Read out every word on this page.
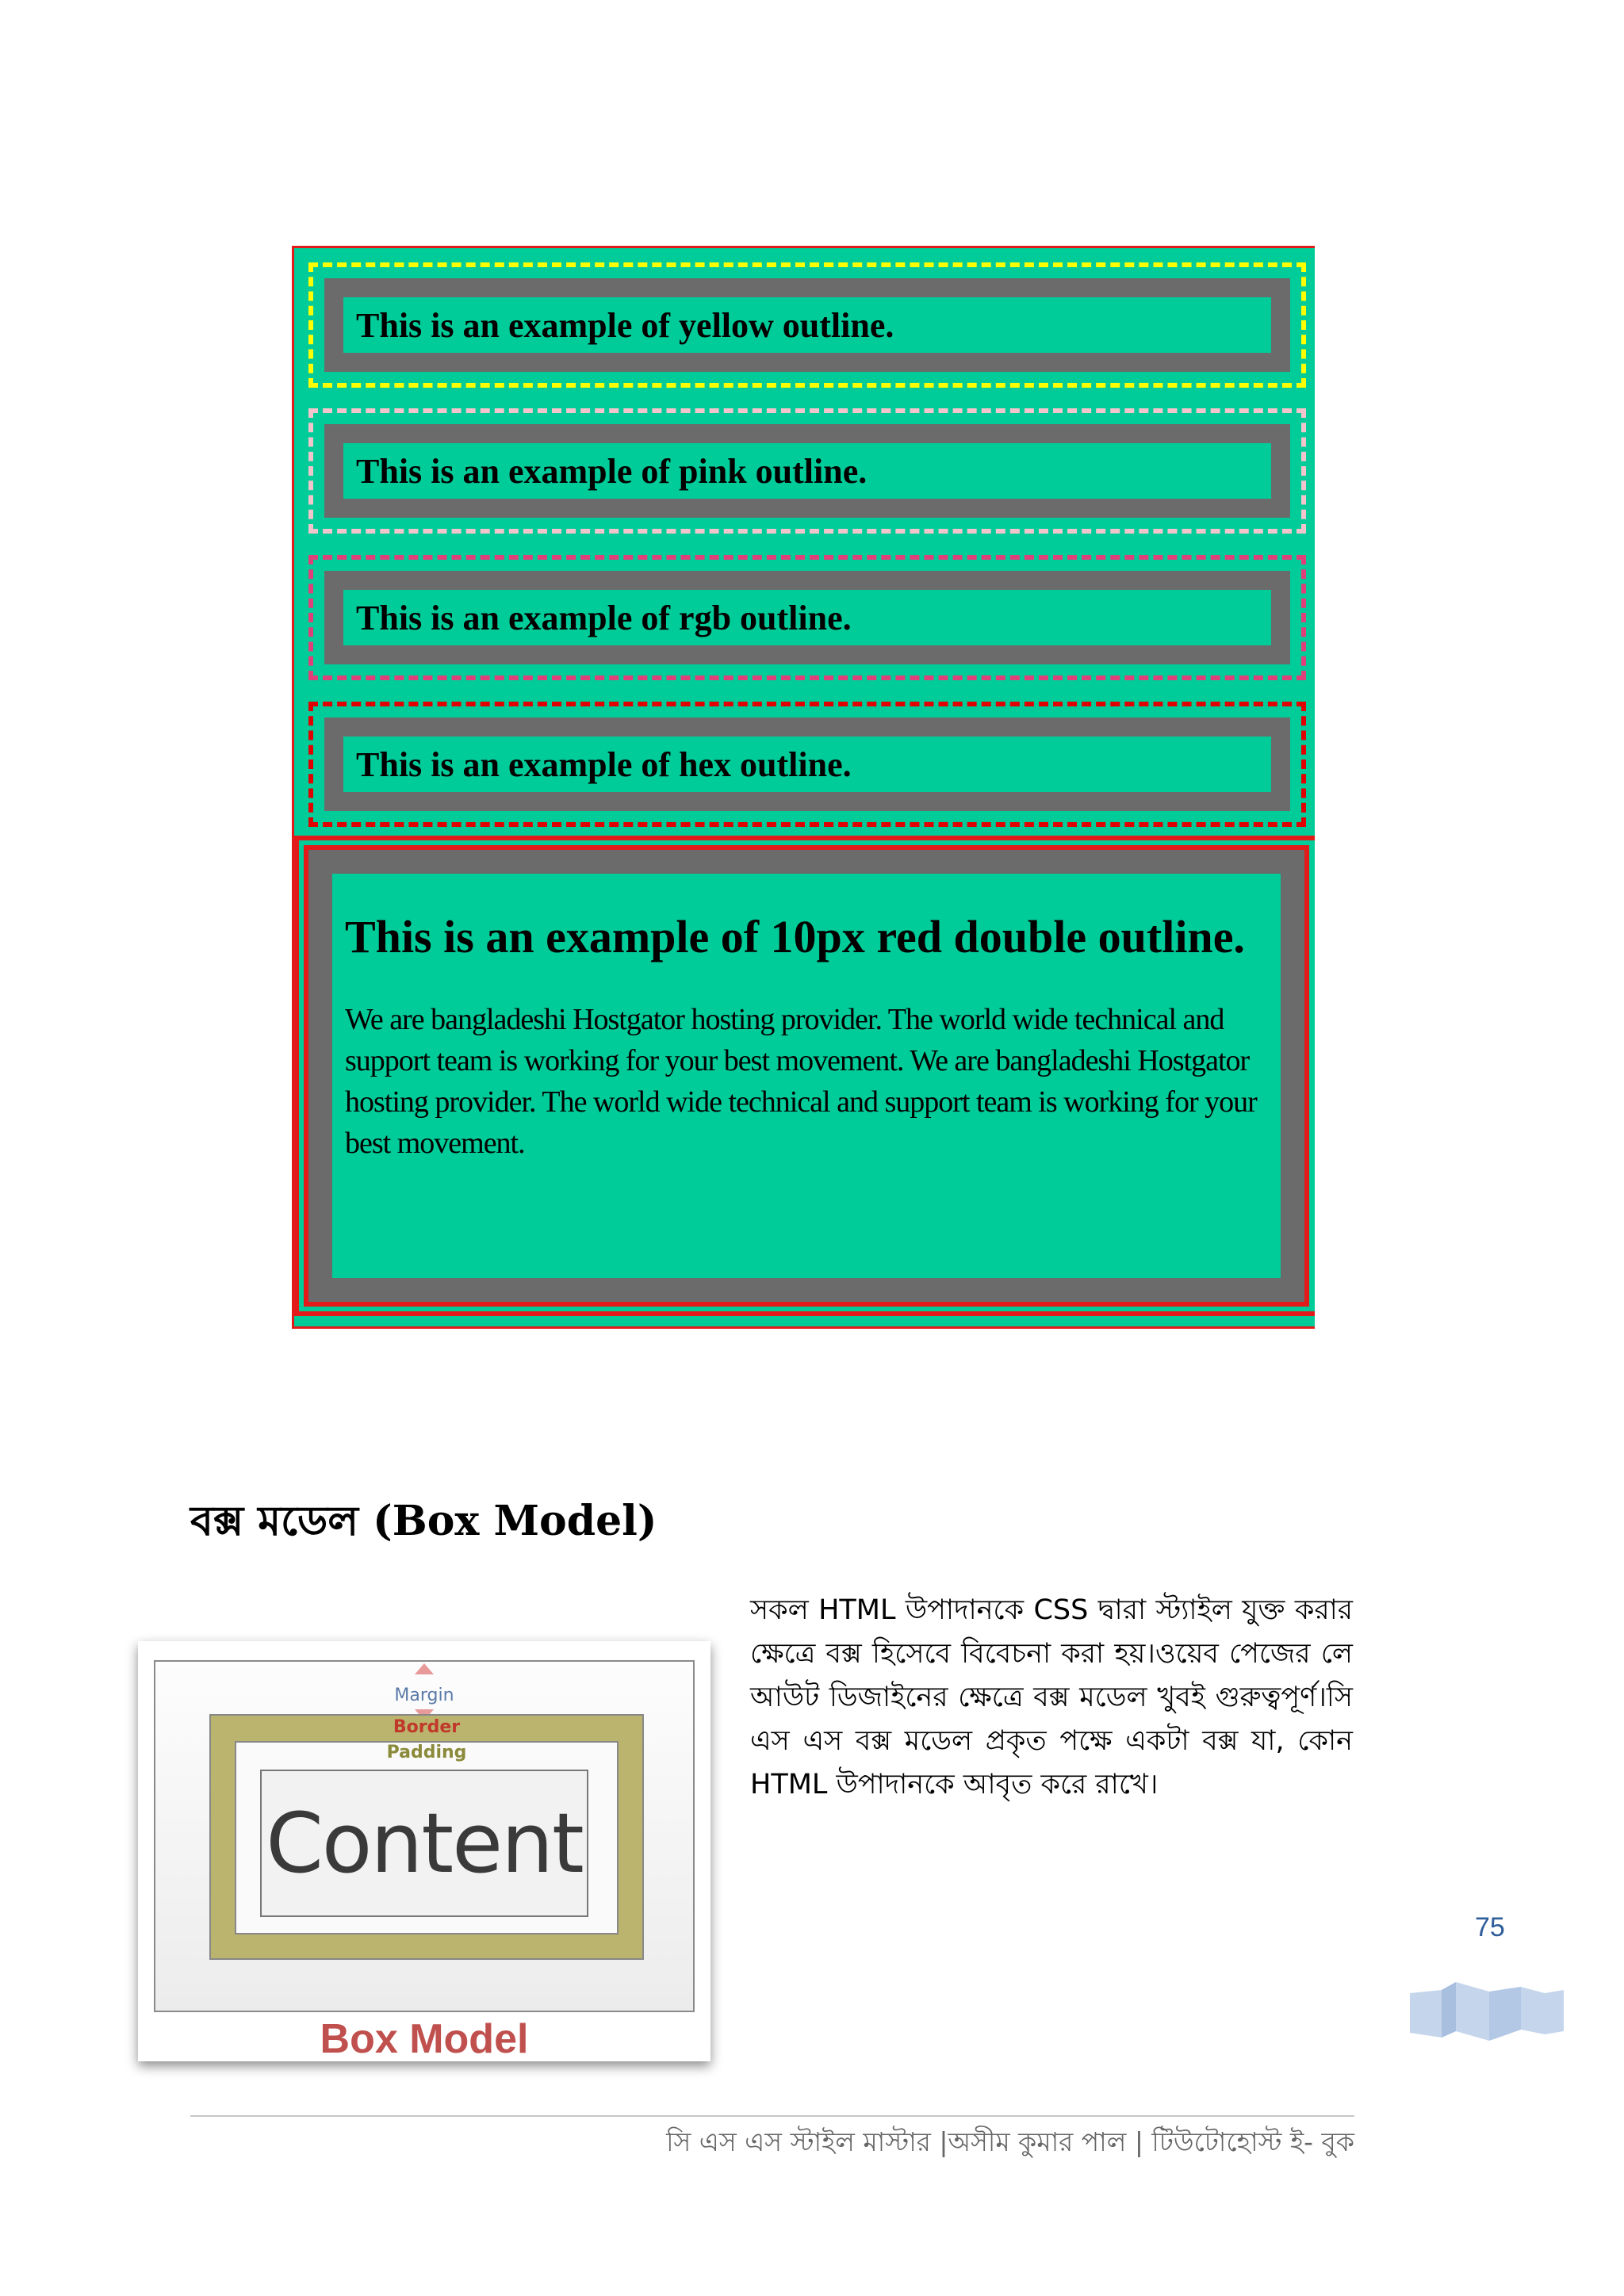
This is an example of yellow outline.
This is an example of pink outline.
This is an example of rgb outline.
This is an example of hex outline.
This is an example of 10px red double outline.

We are bangladeshi Hostgator hosting provider. The world wide technical and support team is working for your best movement. We are bangladeshi Hostgator hosting provider. The world wide technical and support team is working for your best movement.

বক্স মডেল (Box Model)
Margin
Border
Padding
Content
Box Model

সকল HTML উপাদানকে CSS দ্বারা স্ট্যাইল যুক্ত করার ক্ষেত্রে বক্স হিসেবে বিবেচনা করা হয়।ওয়েব পেজের লে আউট ডিজাইনের ক্ষেত্রে বক্স মডেল খুবই গুরুত্বপূর্ণ।সি এস এস বক্স মডেল প্রকৃত পক্ষে একটা বক্স যা, কোন HTML উপাদানকে আবৃত করে রাখে।

75
সি এস এস স্টাইল মাস্টার |অসীম কুমার পাল | টিউটোহোস্ট ই- বুক
